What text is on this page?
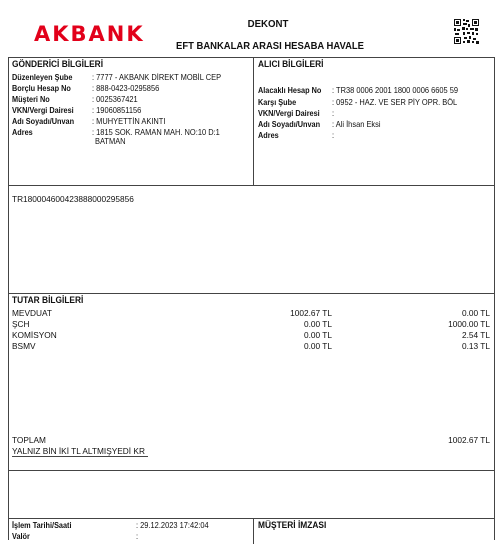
AKBANK	DEKONT
EFT BANKALAR ARASI HESABA HAVALE
GÖNDERİCİ BİLGİLERİ
Düzenleyen Şube : 7777 - AKBANK DİREKT MOBİL CEP
Borçlu Hesap No	: 888-0423-0295856
Müşteri No	: 0025367421
VKN/Vergi Dairesi : 19060851156
Adı Soyadı/Unvan : MUHYETTİN AKINTI
Adres	: 1815 SOK. RAMAN MAH. NO:10 D:1
BATMAN
ALICI BİLGİLERİ
Alacaklı Hesap No : TR38 0006 2001 1800 0006 6605 59
Karşı Şube	: 0952 - HAZ. VE SER PİY OPR. BÖL
VKN/Vergi Dairesi :
Adı Soyadı/Unvan : Ali İhsan Eksi
Adres	:
TR1800046004238880002958​56
TUTAR BİLGİLERİ
MEVDUAT	1002.67 TL	0.00 TL
ŞCH	0.00 TL	1000.00 TL
KOMİSYON	0.00 TL	2.54 TL
BSMV	0.00 TL	0.13 TL
TOPLAM	1002.67 TL
YALNIZ BİN İKİ TL ALTMIŞYEDİ KR
İşlem Tarihi/Saati	: 29.12.2023 17:42:04
Valör	:
MÜŞTERİ İMZASI
